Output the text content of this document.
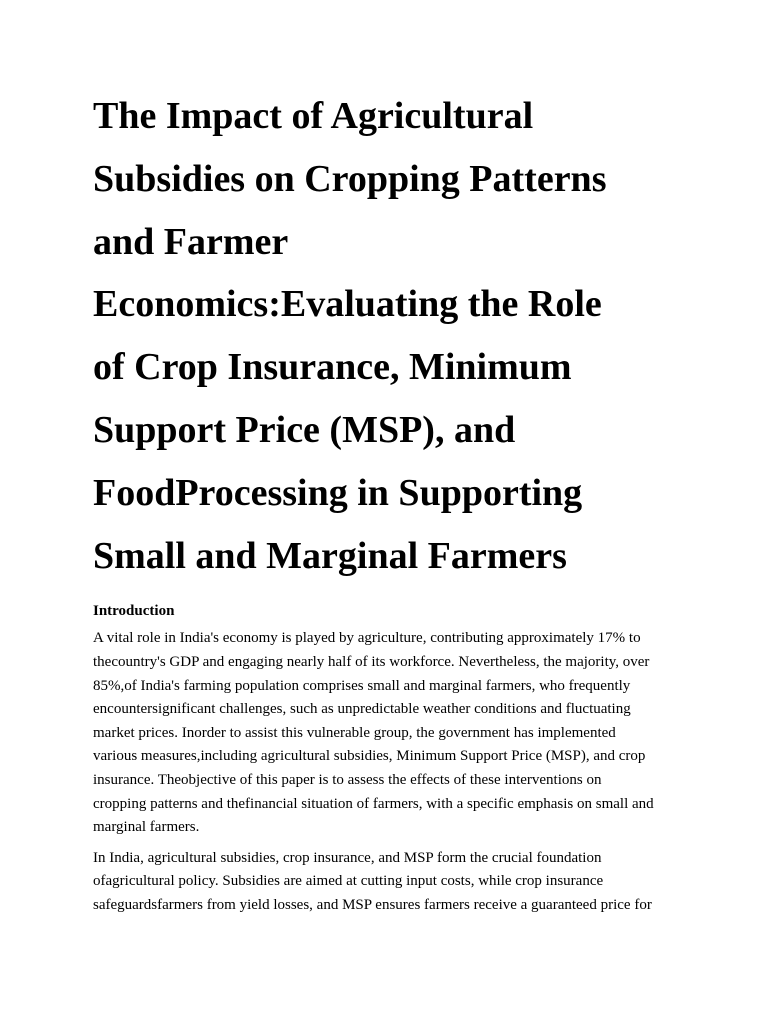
The Impact of Agricultural
Subsidies on Cropping Patterns
and Farmer
Economics:Evaluating the Role
of Crop Insurance, Minimum
Support Price (MSP), and
FoodProcessing in Supporting
Small and Marginal Farmers
Introduction

A vital role in India's economy is played by agriculture, contributing approximately 17% to
thecountry's GDP and engaging nearly half of its workforce. Nevertheless, the majority, over
85%,of India's farming population comprises small and marginal farmers, who frequently
encountersignificant challenges, such as unpredictable weather conditions and fluctuating
market prices. Inorder to assist this vulnerable group, the government has implemented
various measures,including agricultural subsidies, Minimum Support Price (MSP), and crop
insurance. Theobjective of this paper is to assess the effects of these interventions on
cropping patterns and thefinancial situation of farmers, with a specific emphasis on small and
marginal farmers.

In India, agricultural subsidies, crop insurance, and MSP form the crucial foundation
ofagricultural policy. Subsidies are aimed at cutting input costs, while crop insurance
safeguardsfarmers from yield losses, and MSP ensures farmers receive a guaranteed price for
